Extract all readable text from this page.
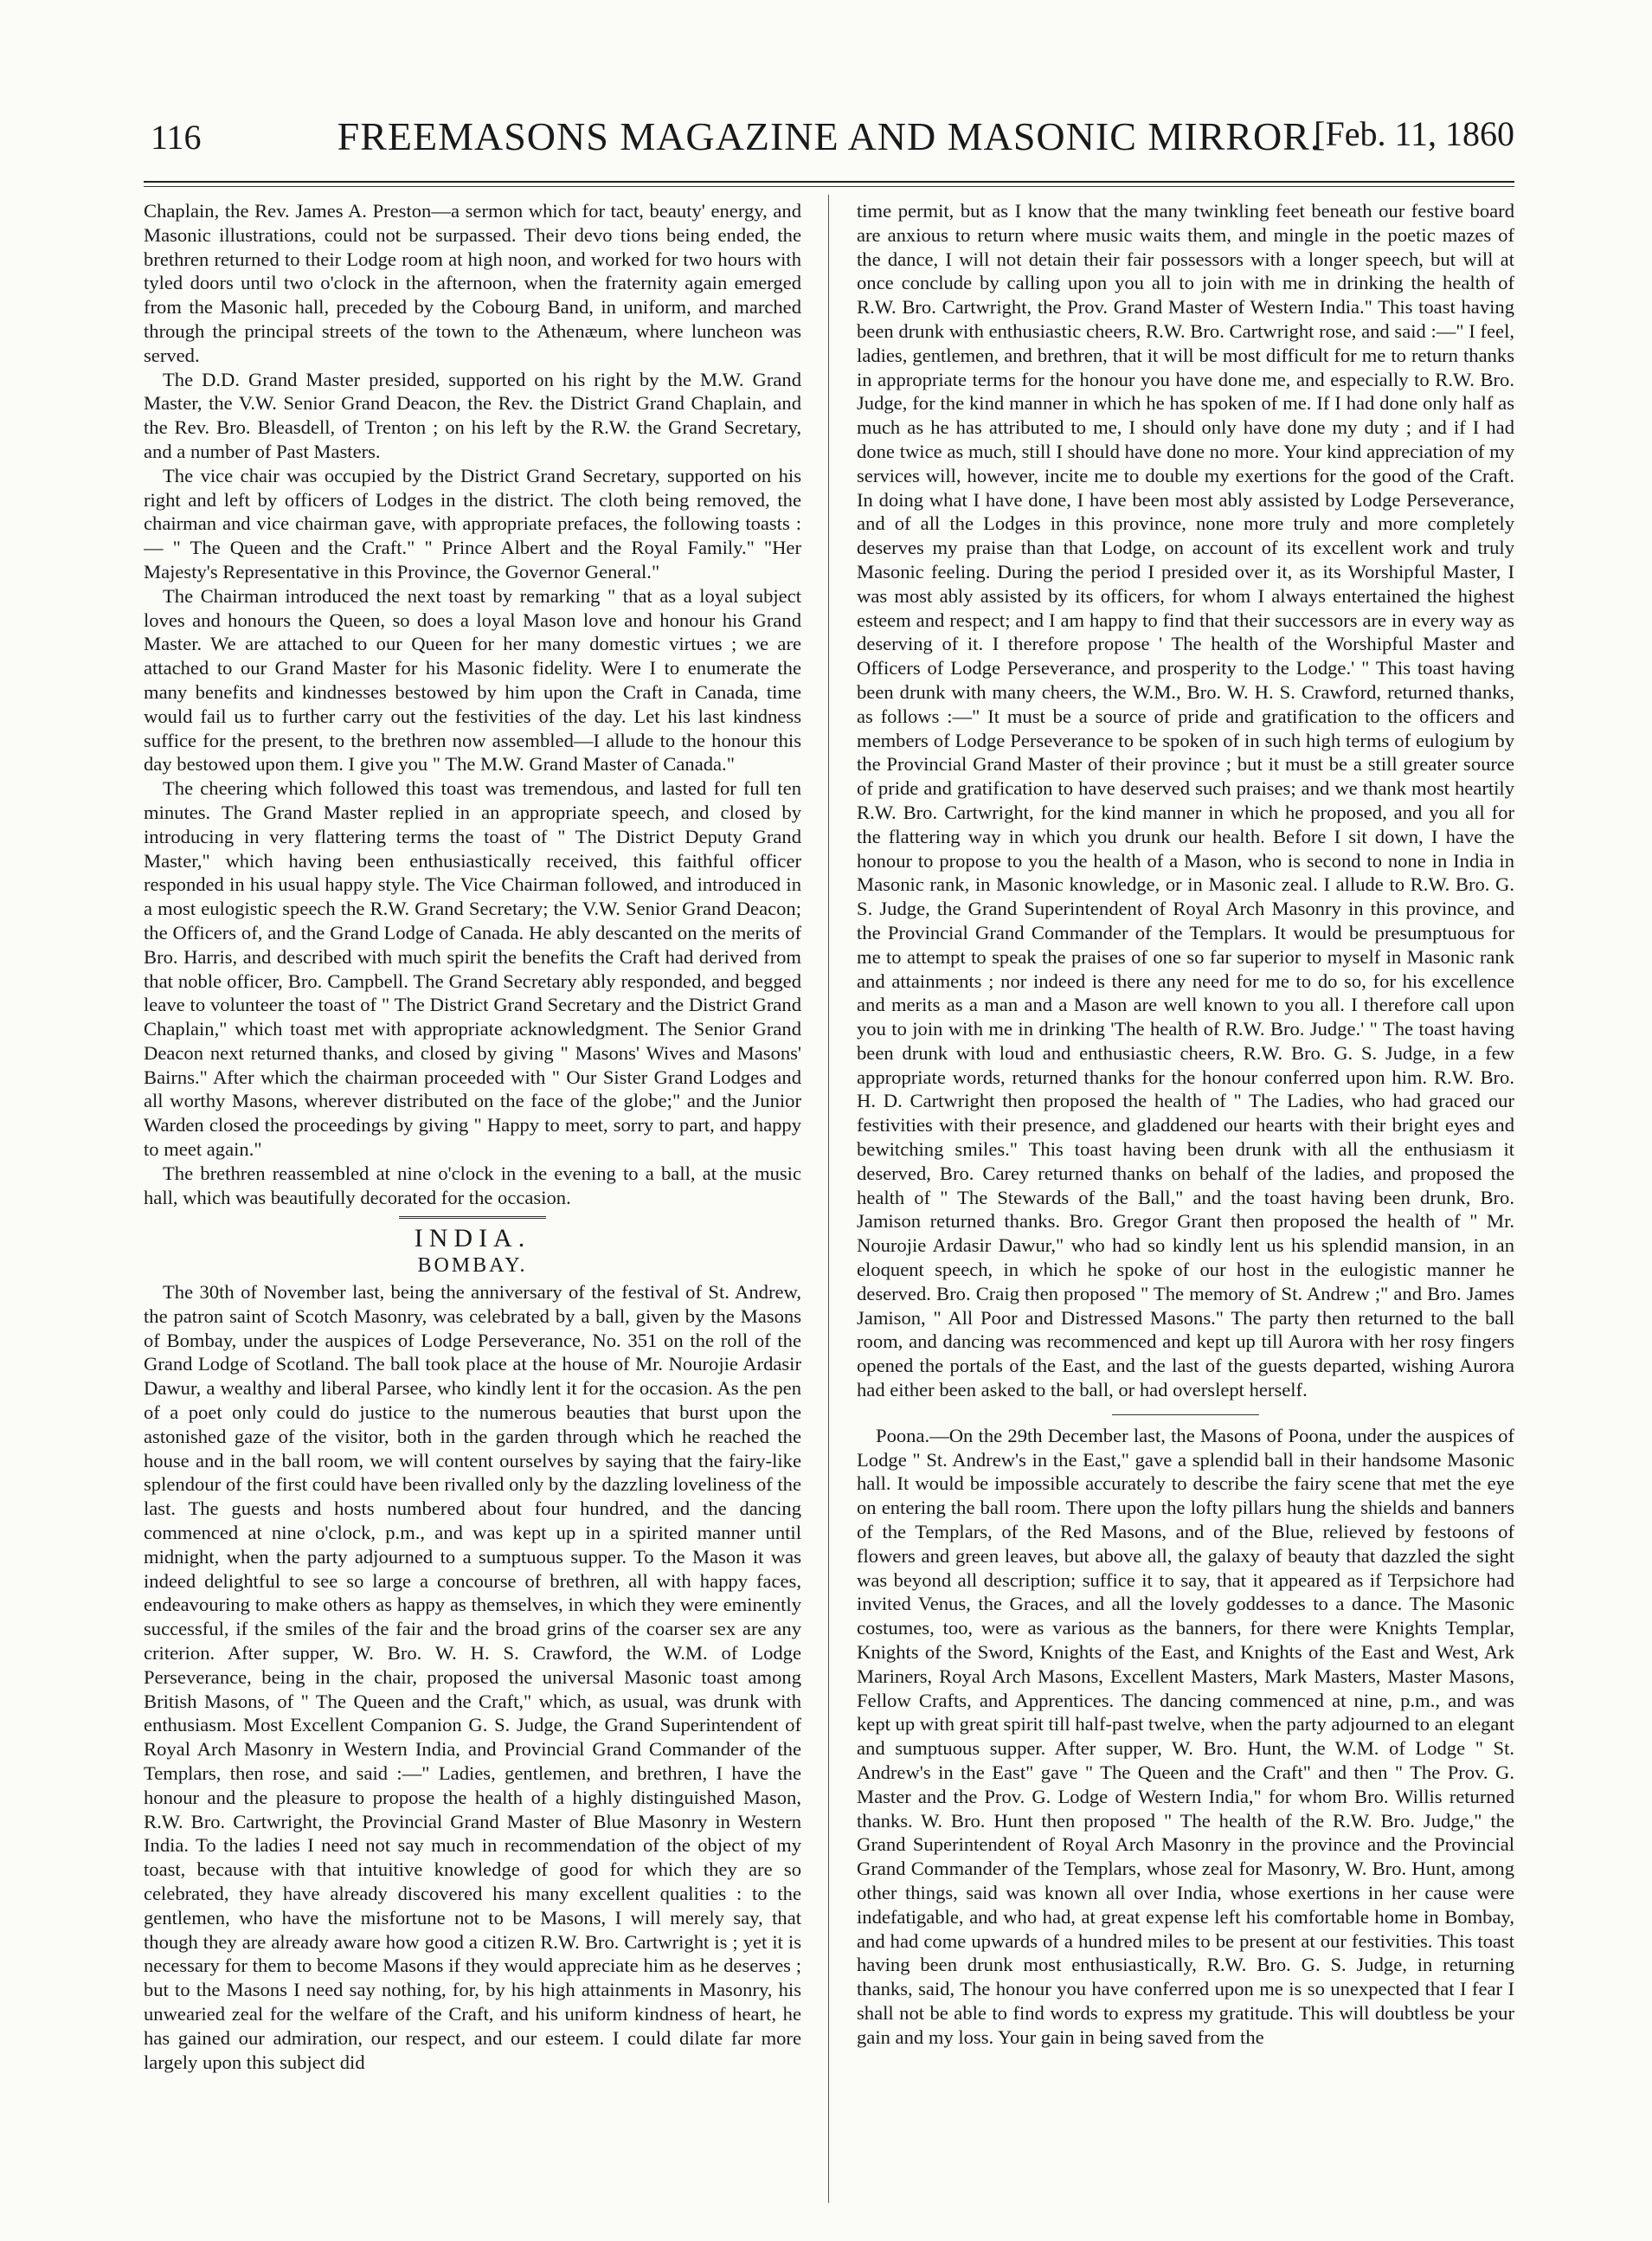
116	FREEMASONS MAGAZINE AND MASONIC MIRROR.
[Feb. 11, 1860

Chaplain, the Rev. James A. Preston—a sermon which for tact, beauty' energy, and Masonic illustrations, could not be surpassed. Their devo tions being ended, the brethren returned to their Lodge room at high noon, and worked for two hours with tyled doors until two o'clock in the afternoon, when the fraternity again emerged from the Masonic hall, preceded by the Cobourg Band, in uniform, and marched through the principal streets of the town to the Athenæum, where luncheon was served.

The D.D. Grand Master presided, supported on his right by the M.W. Grand Master, the V.W. Senior Grand Deacon, the Rev. the District Grand Chaplain, and the Rev. Bro. Bleasdell, of Trenton ; on his left by the R.W. the Grand Secretary, and a number of Past Masters.

The vice chair was occupied by the District Grand Secretary, supported on his right and left by officers of Lodges in the district. The cloth being removed, the chairman and vice chairman gave, with appropriate prefaces, the following toasts : — " The Queen and the Craft." " Prince Albert and the Royal Family." "Her Majesty's Representative in this Province, the Governor General."

The Chairman introduced the next toast by remarking " that as a loyal subject loves and honours the Queen, so does a loyal Mason love and honour his Grand Master. We are attached to our Queen for her many domestic virtues ; we are attached to our Grand Master for his Masonic fidelity. Were I to enumerate the many benefits and kindnesses bestowed by him upon the Craft in Canada, time would fail us to further carry out the festivities of the day. Let his last kindness suffice for the present, to the brethren now assembled—I allude to the honour this day bestowed upon them. I give you " The M.W. Grand Master of Canada."

The cheering which followed this toast was tremendous, and lasted for full ten minutes. The Grand Master replied in an appropriate speech, and closed by introducing in very flattering terms the toast of " The District Deputy Grand Master," which having been enthusiastically received, this faithful officer responded in his usual happy style. The Vice Chairman followed, and introduced in a most eulogistic speech the R.W. Grand Secretary; the V.W. Senior Grand Deacon; the Officers of, and the Grand Lodge of Canada. He ably descanted on the merits of Bro. Harris, and described with much spirit the benefits the Craft had derived from that noble officer, Bro. Campbell. The Grand Secretary ably responded, and begged leave to volunteer the toast of " The District Grand Secretary and the District Grand Chaplain," which toast met with appropriate acknowledgment. The Senior Grand Deacon next returned thanks, and closed by giving " Masons' Wives and Masons' Bairns." After which the chairman proceeded with " Our Sister Grand Lodges and all worthy Masons, wherever distributed on the face of the globe;" and the Junior Warden closed the proceedings by giving " Happy to meet, sorry to part, and happy to meet again."

The brethren reassembled at nine o'clock in the evening to a ball, at the music hall, which was beautifully decorated for the occasion.

INDIA.
BOMBAY.

The 30th of November last, being the anniversary of the festival of St. Andrew, the patron saint of Scotch Masonry, was celebrated by a ball, given by the Masons of Bombay, under the auspices of Lodge Perseverance, No. 351 on the roll of the Grand Lodge of Scotland. The ball took place at the house of Mr. Nourojie Ardasir Dawur, a wealthy and liberal Parsee, who kindly lent it for the occasion. As the pen of a poet only could do justice to the numerous beauties that burst upon the astonished gaze of the visitor, both in the garden through which he reached the house and in the ball room, we will content ourselves by saying that the fairy-like splendour of the first could have been rivalled only by the dazzling loveliness of the last. The guests and hosts numbered about four hundred, and the dancing commenced at nine o'clock, p.m., and was kept up in a spirited manner until midnight, when the party adjourned to a sumptuous supper. To the Mason it was indeed delightful to see so large a concourse of brethren, all with happy faces, endeavouring to make others as happy as themselves, in which they were eminently successful, if the smiles of the fair and the broad grins of the coarser sex are any criterion. After supper, W. Bro. W. H. S. Crawford, the W.M. of Lodge Perseverance, being in the chair, proposed the universal Masonic toast among British Masons, of " The Queen and the Craft," which, as usual, was drunk with enthusiasm. Most Excellent Companion G. S. Judge, the Grand Superintendent of Royal Arch Masonry in Western India, and Provincial Grand Commander of the Templars, then rose, and said :—" Ladies, gentlemen, and brethren, I have the honour and the pleasure to propose the health of a highly distinguished Mason, R.W. Bro. Cartwright, the Provincial Grand Master of Blue Masonry in Western India. To the ladies I need not say much in recommendation of the object of my toast, because with that intuitive knowledge of good for which they are so celebrated, they have already discovered his many excellent qualities : to the gentlemen, who have the misfortune not to be Masons, I will merely say, that though they are already aware how good a citizen R.W. Bro. Cartwright is ; yet it is necessary for them to become Masons if they would appreciate him as he deserves ; but to the Masons I need say nothing, for, by his high attainments in Masonry, his unwearied zeal for the welfare of the Craft, and his uniform kindness of heart, he has gained our admiration, our respect, and our esteem. I could dilate far more largely upon this subject did

time permit, but as I know that the many twinkling feet beneath our festive board are anxious to return where music waits them, and mingle in the poetic mazes of the dance, I will not detain their fair possessors with a longer speech, but will at once conclude by calling upon you all to join with me in drinking the health of R.W. Bro. Cartwright, the Prov. Grand Master of Western India." This toast having been drunk with enthusiastic cheers, R.W. Bro. Cartwright rose, and said :—" I feel, ladies, gentlemen, and brethren, that it will be most difficult for me to return thanks in appropriate terms for the honour you have done me, and especially to R.W. Bro. Judge, for the kind manner in which he has spoken of me. If I had done only half as much as he has attributed to me, I should only have done my duty ; and if I had done twice as much, still I should have done no more. Your kind appreciation of my services will, however, incite me to double my exertions for the good of the Craft. In doing what I have done, I have been most ably assisted by Lodge Perseverance, and of all the Lodges in this province, none more truly and more completely deserves my praise than that Lodge, on account of its excellent work and truly Masonic feeling. During the period I presided over it, as its Worshipful Master, I was most ably assisted by its officers, for whom I always entertained the highest esteem and respect; and I am happy to find that their successors are in every way as deserving of it. I therefore propose ' The health of the Worshipful Master and Officers of Lodge Perseverance, and prosperity to the Lodge.' " This toast having been drunk with many cheers, the W.M., Bro. W. H. S. Crawford, returned thanks, as follows :—" It must be a source of pride and gratification to the officers and members of Lodge Perseverance to be spoken of in such high terms of eulogium by the Provincial Grand Master of their province ; but it must be a still greater source of pride and gratification to have deserved such praises; and we thank most heartily R.W. Bro. Cartwright, for the kind manner in which he proposed, and you all for the flattering way in which you drunk our health. Before I sit down, I have the honour to propose to you the health of a Mason, who is second to none in India in Masonic rank, in Masonic knowledge, or in Masonic zeal. I allude to R.W. Bro. G. S. Judge, the Grand Superintendent of Royal Arch Masonry in this province, and the Provincial Grand Commander of the Templars. It would be presumptuous for me to attempt to speak the praises of one so far superior to myself in Masonic rank and attainments ; nor indeed is there any need for me to do so, for his excellence and merits as a man and a Mason are well known to you all. I therefore call upon you to join with me in drinking 'The health of R.W. Bro. Judge.' " The toast having been drunk with loud and enthusiastic cheers, R.W. Bro. G. S. Judge, in a few appropriate words, returned thanks for the honour conferred upon him. R.W. Bro. H. D. Cartwright then proposed the health of " The Ladies, who had graced our festivities with their presence, and gladdened our hearts with their bright eyes and bewitching smiles." This toast having been drunk with all the enthusiasm it deserved, Bro. Carey returned thanks on behalf of the ladies, and proposed the health of " The Stewards of the Ball," and the toast having been drunk, Bro. Jamison returned thanks. Bro. Gregor Grant then proposed the health of " Mr. Nourojie Ardasir Dawur," who had so kindly lent us his splendid mansion, in an eloquent speech, in which he spoke of our host in the eulogistic manner he deserved. Bro. Craig then proposed " The memory of St. Andrew ;" and Bro. James Jamison, " All Poor and Distressed Masons." The party then returned to the ball room, and dancing was recommenced and kept up till Aurora with her rosy fingers opened the portals of the East, and the last of the guests departed, wishing Aurora had either been asked to the ball, or had overslept herself.

Poona.—On the 29th December last, the Masons of Poona, under the auspices of Lodge " St. Andrew's in the East," gave a splendid ball in their handsome Masonic hall. It would be impossible accurately to describe the fairy scene that met the eye on entering the ball room. There upon the lofty pillars hung the shields and banners of the Templars, of the Red Masons, and of the Blue, relieved by festoons of flowers and green leaves, but above all, the galaxy of beauty that dazzled the sight was beyond all description; suffice it to say, that it appeared as if Terpsichore had invited Venus, the Graces, and all the lovely goddesses to a dance. The Masonic costumes, too, were as various as the banners, for there were Knights Templar, Knights of the Sword, Knights of the East, and Knights of the East and West, Ark Mariners, Royal Arch Masons, Excellent Masters, Mark Masters, Master Masons, Fellow Crafts, and Apprentices. The dancing commenced at nine, p.m., and was kept up with great spirit till half-past twelve, when the party adjourned to an elegant and sumptuous supper. After supper, W. Bro. Hunt, the W.M. of Lodge " St. Andrew's in the East" gave " The Queen and the Craft" and then " The Prov. G. Master and the Prov. G. Lodge of Western India," for whom Bro. Willis returned thanks. W. Bro. Hunt then proposed " The health of the R.W. Bro. Judge," the Grand Superintendent of Royal Arch Masonry in the province and the Provincial Grand Commander of the Templars, whose zeal for Masonry, W. Bro. Hunt, among other things, said was known all over India, whose exertions in her cause were indefatigable, and who had, at great expense left his comfortable home in Bombay, and had come upwards of a hundred miles to be present at our festivities. This toast having been drunk most enthusiastically, R.W. Bro. G. S. Judge, in returning thanks, said, The honour you have conferred upon me is so unexpected that I fear I shall not be able to find words to express my gratitude. This will doubtless be your gain and my loss. Your gain in being saved from the
